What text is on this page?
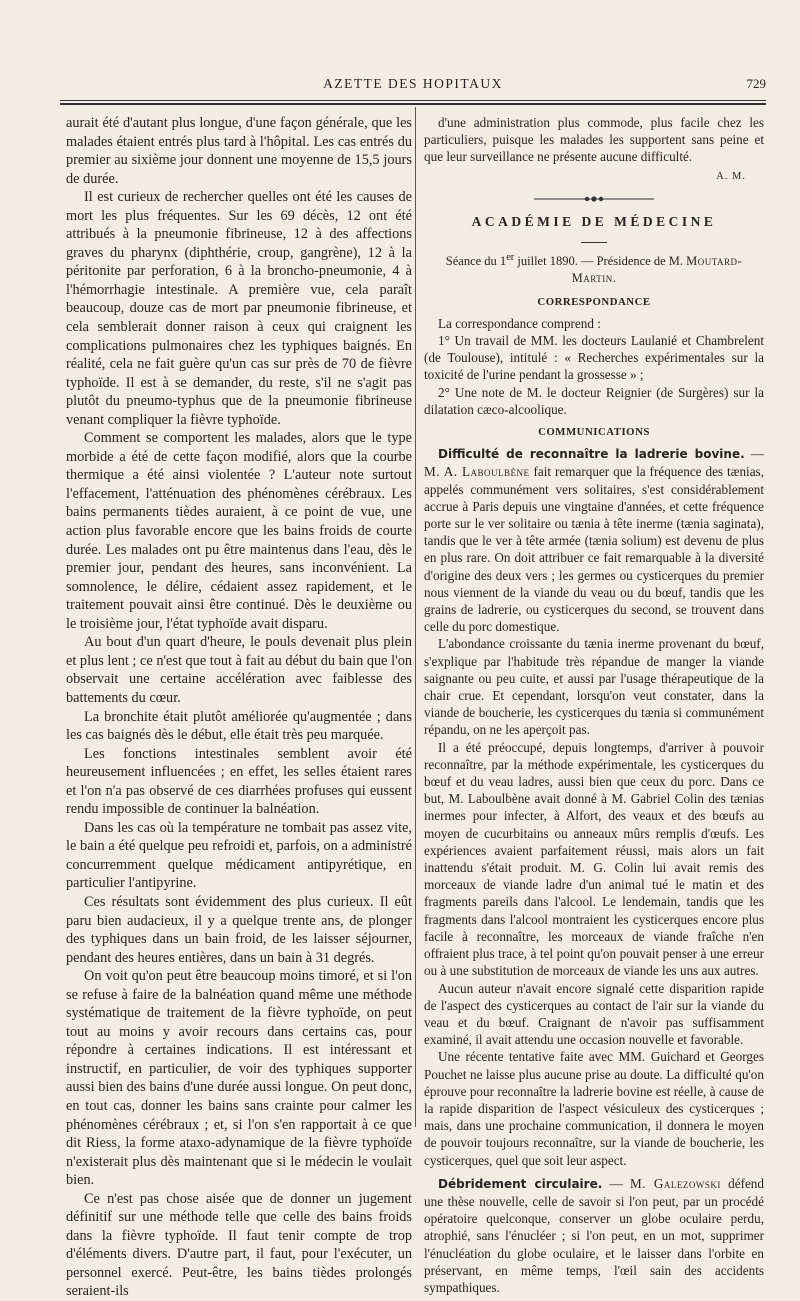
AZETTE DES HOPITAUX	729

aurait été d'autant plus longue, d'une façon générale, que les malades étaient entrés plus tard à l'hôpital. Les cas entrés du premier au sixième jour donnent une moyenne de 15,5 jours de durée.

Il est curieux de rechercher quelles ont été les causes de mort les plus fréquentes. Sur les 69 décès, 12 ont été attribués à la pneumonie fibrineuse, 12 à des affections graves du pharynx (diphthérie, croup, gangrène), 12 à la péritonite par perforation, 6 à la broncho-pneumonie, 4 à l'hémorrhagie intestinale. A première vue, cela paraît beaucoup, douze cas de mort par pneumonie fibrineuse, et cela semblerait donner raison à ceux qui craignent les complications pulmonaires chez les typhiques baignés. En réalité, cela ne fait guère qu'un cas sur près de 70 de fièvre typhoïde. Il est à se demander, du reste, s'il ne s'agit pas plutôt du pneumo-typhus que de la pneumonie fibrineuse venant compliquer la fièvre typhoïde.

Comment se comportent les malades, alors que le type morbide a été de cette façon modifié, alors que la courbe thermique a été ainsi violentée ? L'auteur note surtout l'effacement, l'atténuation des phénomènes cérébraux. Les bains permanents tièdes auraient, à ce point de vue, une action plus favorable encore que les bains froids de courte durée. Les malades ont pu être maintenus dans l'eau, dès le premier jour, pendant des heures, sans inconvénient. La somnolence, le délire, cédaient assez rapidement, et le traitement pouvait ainsi être continué. Dès le deuxième ou le troisième jour, l'état typhoïde avait disparu.

Au bout d'un quart d'heure, le pouls devenait plus plein et plus lent ; ce n'est que tout à fait au début du bain que l'on observait une certaine accélération avec faiblesse des battements du cœur.

La bronchite était plutôt améliorée qu'augmentée ; dans les cas baignés dès le début, elle était très peu marquée.

Les fonctions intestinales semblent avoir été heureusement influencées ; en effet, les selles étaient rares et l'on n'a pas observé de ces diarrhées profuses qui eussent rendu impossible de continuer la balnéation.

Dans les cas où la température ne tombait pas assez vite, le bain a été quelque peu refroidi et, parfois, on a administré concurremment quelque médicament antipyrétique, en particulier l'antipyrine.

Ces résultats sont évidemment des plus curieux. Il eût paru bien audacieux, il y a quelque trente ans, de plonger des typhiques dans un bain froid, de les laisser séjourner, pendant des heures entières, dans un bain à 31 degrés.

On voit qu'on peut être beaucoup moins timoré, et si l'on se refuse à faire de la balnéation quand même une méthode systématique de traitement de la fièvre typhoïde, on peut tout au moins y avoir recours dans certains cas, pour répondre à certaines indications. Il est intéressant et instructif, en particulier, de voir des typhiques supporter aussi bien des bains d'une durée aussi longue. On peut donc, en tout cas, donner les bains sans crainte pour calmer les phénomènes cérébraux ; et, si l'on s'en rapportait à ce que dit Riess, la forme ataxo-adynamique de la fièvre typhoïde n'existerait plus dès maintenant que si le médecin le voulait bien.

Ce n'est pas chose aisée que de donner un jugement définitif sur une méthode telle que celle des bains froids dans la fièvre typhoïde. Il faut tenir compte de trop d'éléments divers. D'autre part, il faut, pour l'exécuter, un personnel exercé. Peut-être, les bains tièdes prolongés seraient-ils

d'une administration plus commode, plus facile chez les particuliers, puisque les malades les supportent sans peine et que leur surveillance ne présente aucune difficulté.

A. M.
ACADÉMIE DE MÉDECINE
Séance du 1er juillet 1890. — Présidence de M. Moutard-Martin.
CORRESPONDANCE

La correspondance comprend :

1° Un travail de MM. les docteurs Laulanié et Chambrelent (de Toulouse), intitulé : « Recherches expérimentales sur la toxicité de l'urine pendant la grossesse » ;

2° Une note de M. le docteur Reignier (de Surgères) sur la dilatation cæco-alcoolique.

COMMUNICATIONS

Difficulté de reconnaître la ladrerie bovine. — M. A. Laboulbène fait remarquer que la fréquence des tænias, appelés communément vers solitaires, s'est considérablement accrue à Paris depuis une vingtaine d'années, et cette fréquence porte sur le ver solitaire ou tænia à tête inerme (tænia saginata), tandis que le ver à tête armée (tænia solium) est devenu de plus en plus rare. On doit attribuer ce fait remarquable à la diversité d'origine des deux vers ; les germes ou cysticerques du premier nous viennent de la viande du veau ou du bœuf, tandis que les grains de ladrerie, ou cysticerques du second, se trouvent dans celle du porc domestique.

L'abondance croissante du tænia inerme provenant du bœuf, s'explique par l'habitude très répandue de manger la viande saignante ou peu cuite, et aussi par l'usage thérapeutique de la chair crue. Et cependant, lorsqu'on veut constater, dans la viande de boucherie, les cysticerques du tænia si communément répandu, on ne les aperçoit pas.

Il a été préoccupé, depuis longtemps, d'arriver à pouvoir reconnaître, par la méthode expérimentale, les cysticerques du bœuf et du veau ladres, aussi bien que ceux du porc. Dans ce but, M. Laboulbène avait donné à M. Gabriel Colin des tænias inermes pour infecter, à Alfort, des veaux et des bœufs au moyen de cucurbitains ou anneaux mûrs remplis d'œufs. Les expériences avaient parfaitement réussi, mais alors un fait inattendu s'était produit. M. G. Colin lui avait remis des morceaux de viande ladre d'un animal tué le matin et des fragments pareils dans l'alcool. Le lendemain, tandis que les fragments dans l'alcool montraient les cysticerques encore plus facile à reconnaître, les morceaux de viande fraîche n'en offraient plus trace, à tel point qu'on pouvait penser à une erreur ou à une substitution de morceaux de viande les uns aux autres.

Aucun auteur n'avait encore signalé cette disparition rapide de l'aspect des cysticerques au contact de l'air sur la viande du veau et du bœuf. Craignant de n'avoir pas suffisamment examiné, il avait attendu une occasion nouvelle et favorable.

Une récente tentative faite avec MM. Guichard et Georges Pouchet ne laisse plus aucune prise au doute. La difficulté qu'on éprouve pour reconnaître la ladrerie bovine est réelle, à cause de la rapide disparition de l'aspect vésiculeux des cysticerques ; mais, dans une prochaine communication, il donnera le moyen de pouvoir toujours reconnaître, sur la viande de boucherie, les cysticerques, quel que soit leur aspect.

Débridement circulaire. — M. Galezowski défend une thèse nouvelle, celle de savoir si l'on peut, par un procédé opératoire quelconque, conserver un globe oculaire perdu, atrophié, sans l'énucléer ; si l'on peut, en un mot, supprimer l'énucléation du globe oculaire, et le laisser dans l'orbite en préservant, en même temps, l'œil sain des accidents sympathiques.
